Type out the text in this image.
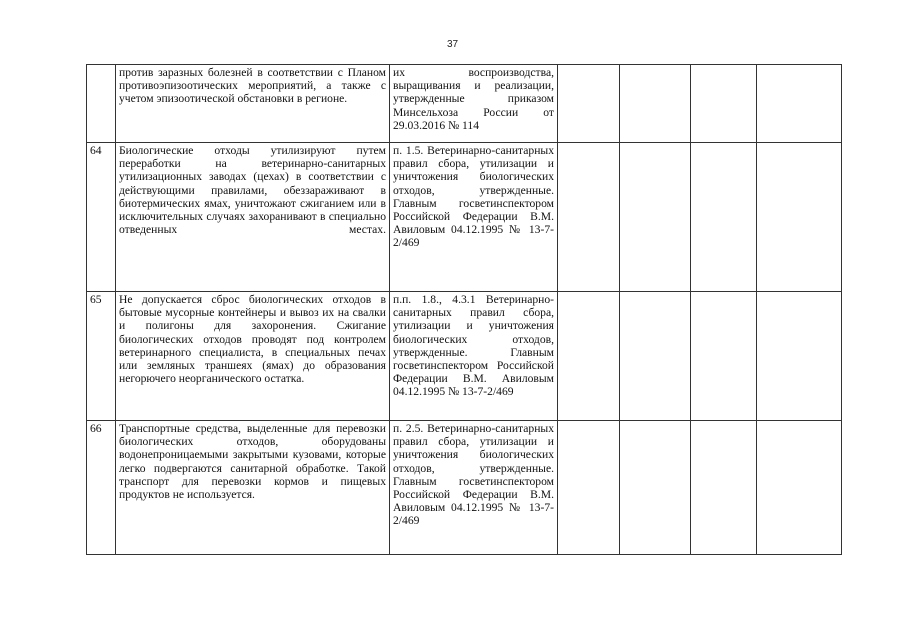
37
	против заразных болезней в соответствии с Планом противоэпизоотических мероприятий, а также с учетом эпизоотической обстановки в регионе.	их воспроизводства, выращивания и реализации, утвержденные приказом Минсельхоза России от 29.03.2016 № 114				
64	Биологические отходы утилизируют путем переработки на ветеринарно-санитарных утилизационных заводах (цехах) в соответствии с действующими правилами, обеззараживают в биотермических ямах, уничтожают сжиганием или в исключительных случаях захоранивают в специально отведенных местах.	п. 1.5. Ветеринарно-санитарных правил сбора, утилизации и уничтожения биологических отходов, утвержденные. Главным госветинспектором Российской Федерации В.М. Авиловым 04.12.1995 № 13-7-2/469				
65	Не допускается сброс биологических отходов в бытовые мусорные контейнеры и вывоз их на свалки и полигоны для захоронения. Сжигание биологических отходов проводят под контролем ветеринарного специалиста, в специальных печах или земляных траншеях (ямах) до образования негорючего неорганического остатка.	п.п. 1.8., 4.3.1 Ветеринарно-санитарных правил сбора, утилизации и уничтожения биологических отходов, утвержденные. Главным госветинспектором Российской Федерации В.М. Авиловым 04.12.1995 № 13-7-2/469				
66	Транспортные средства, выделенные для перевозки биологических отходов, оборудованы водонепроницаемыми закрытыми кузовами, которые легко подвергаются санитарной обработке. Такой транспорт для перевозки кормов и пищевых продуктов не используется.	п. 2.5. Ветеринарно-санитарных правил сбора, утилизации и уничтожения биологических отходов, утвержденные. Главным госветинспектором Российской Федерации В.М. Авиловым 04.12.1995 № 13-7-2/469				
